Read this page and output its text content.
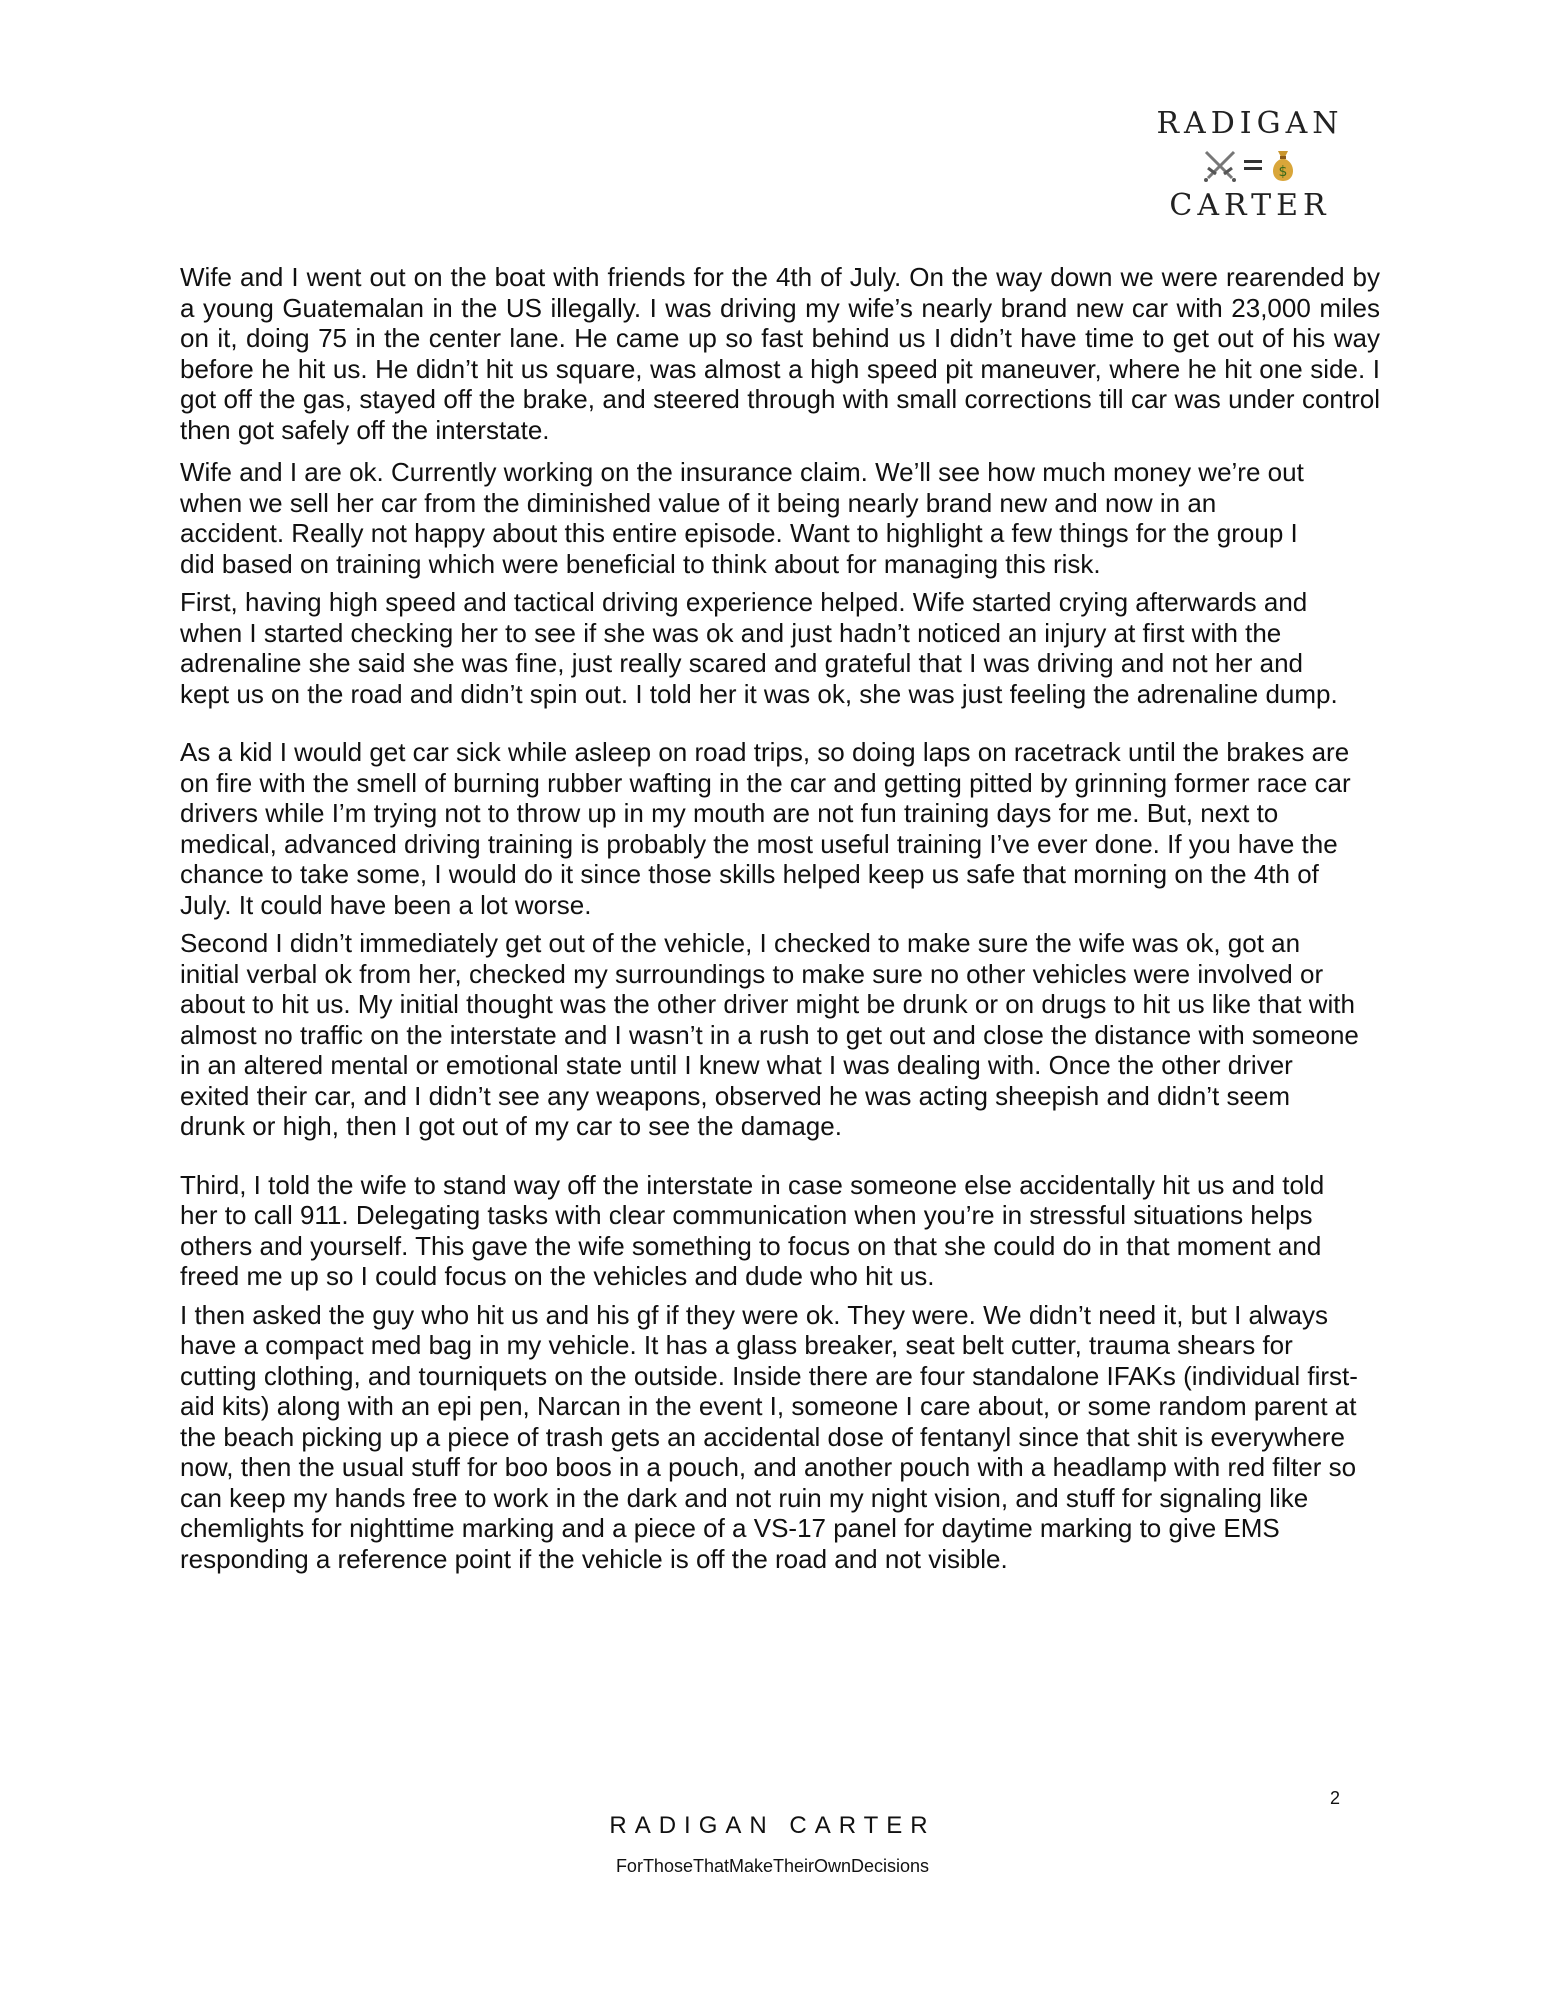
RADIGAN
$
CARTER

Wife and I went out on the boat with friends for the 4th of July. On the way down we were rearended by a young Guatemalan in the US illegally. I was driving my wife’s nearly brand new car with 23,000 miles on it, doing 75 in the center lane. He came up so fast behind us I didn’t have time to get out of his way before he hit us. He didn’t hit us square, was almost a high speed pit maneuver, where he hit one side. I got off the gas, stayed off the brake, and steered through with small corrections till car was under control then got safely off the interstate.

Wife and I are ok. Currently working on the insurance claim. We’ll see how much money we’re out when we sell her car from the diminished value of it being nearly brand new and now in an accident. Really not happy about this entire episode. Want to highlight a few things for the group I did based on training which were beneficial to think about for managing this risk.

First, having high speed and tactical driving experience helped. Wife started crying afterwards and when I started checking her to see if she was ok and just hadn’t noticed an injury at first with the adrenaline she said she was fine, just really scared and grateful that I was driving and not her and kept us on the road and didn’t spin out. I told her it was ok, she was just feeling the adrenaline dump.

As a kid I would get car sick while asleep on road trips, so doing laps on racetrack until the brakes are on fire with the smell of burning rubber wafting in the car and getting pitted by grinning former race car drivers while I’m trying not to throw up in my mouth are not fun training days for me. But, next to medical, advanced driving training is probably the most useful training I’ve ever done. If you have the chance to take some, I would do it since those skills helped keep us safe that morning on the 4th of July. It could have been a lot worse.

Second I didn’t immediately get out of the vehicle, I checked to make sure the wife was ok, got an initial verbal ok from her, checked my surroundings to make sure no other vehicles were involved or about to hit us. My initial thought was the other driver might be drunk or on drugs to hit us like that with almost no traffic on the interstate and I wasn’t in a rush to get out and close the distance with someone in an altered mental or emotional state until I knew what I was dealing with. Once the other driver exited their car, and I didn’t see any weapons, observed he was acting sheepish and didn’t seem drunk or high, then I got out of my car to see the damage.

Third, I told the wife to stand way off the interstate in case someone else accidentally hit us and told her to call 911. Delegating tasks with clear communication when you’re in stressful situations helps others and yourself. This gave the wife something to focus on that she could do in that moment and freed me up so I could focus on the vehicles and dude who hit us.

I then asked the guy who hit us and his gf if they were ok. They were. We didn’t need it, but I always have a compact med bag in my vehicle. It has a glass breaker, seat belt cutter, trauma shears for cutting clothing, and tourniquets on the outside. Inside there are four standalone IFAKs (individual first-aid kits) along with an epi pen, Narcan in the event I, someone I care about, or some random parent at the beach picking up a piece of trash gets an accidental dose of fentanyl since that shit is everywhere now, then the usual stuff for boo boos in a pouch, and another pouch with a headlamp with red filter so can keep my hands free to work in the dark and not ruin my night vision, and stuff for signaling like chemlights for nighttime marking and a piece of a VS-17 panel for daytime marking to give EMS responding a reference point if the vehicle is off the road and not visible.

2
RADIGAN CARTER
ForThoseThatMakeTheirOwnDecisions
